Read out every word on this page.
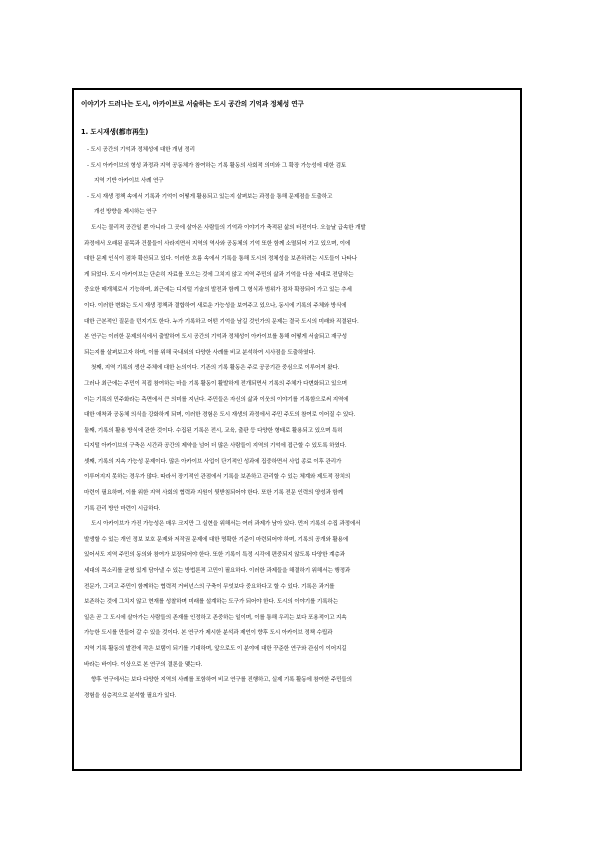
이야기가 드러나는 도시, 아카이브로 서술하는 도시 공간의 기억과 정체성 연구
1. 도시재생(都市再生)
- 도시 공간의 기억과 정체성에 대한 개념 정리
- 도시 아카이브의 형성 과정과 지역 공동체가 참여하는 기록 활동의 사회적 의미와 그 확장 가능성에 대한 검토
지역 기반 아카이브 사례 연구
- 도시 재생 정책 속에서 기록과 기억이 어떻게 활용되고 있는지 살펴보는 과정을 통해 문제점을 도출하고
개선 방향을 제시하는 연구
도시는 물리적 공간일 뿐 아니라 그 곳에 살아온 사람들의 기억과 이야기가 축적된 삶의 터전이다. 오늘날 급속한 개발
과정에서 오래된 골목과 건물들이 사라지면서 지역의 역사와 공동체의 기억 또한 함께 소멸되어 가고 있으며, 이에
대한 문제 인식이 점차 확산되고 있다. 이러한 흐름 속에서 기록을 통해 도시의 정체성을 보존하려는 시도들이 나타나
게 되었다. 도시 아카이브는 단순히 자료를 모으는 것에 그치지 않고 지역 주민의 삶과 기억을 다음 세대로 전달하는
중요한 매개체로서 기능하며, 최근에는 디지털 기술의 발전과 함께 그 형식과 범위가 점차 확장되어 가고 있는 추세
이다. 이러한 변화는 도시 재생 정책과 결합하여 새로운 가능성을 보여주고 있으나, 동시에 기록의 주체와 방식에
대한 근본적인 질문을 던지기도 한다. 누가 기록하고 어떤 기억을 남길 것인가의 문제는 결국 도시의 미래와 직결된다.
본 연구는 이러한 문제의식에서 출발하여 도시 공간의 기억과 정체성이 아카이브를 통해 어떻게 서술되고 재구성
되는지를 살펴보고자 하며, 이를 위해 국내외의 다양한 사례를 비교 분석하여 시사점을 도출하였다.
첫째, 지역 기록의 생산 주체에 대한 논의이다. 기존의 기록 활동은 주로 공공기관 중심으로 이루어져 왔다.
그러나 최근에는 주민이 직접 참여하는 마을 기록 활동이 활발하게 전개되면서 기록의 주체가 다변화되고 있으며
이는 기록의 민주화라는 측면에서 큰 의미를 지닌다. 주민들은 자신의 삶과 이웃의 이야기를 기록함으로써 지역에
대한 애착과 공동체 의식을 강화하게 되며, 이러한 경험은 도시 재생의 과정에서 주민 주도의 참여로 이어질 수 있다.
둘째, 기록의 활용 방식에 관한 것이다. 수집된 기록은 전시, 교육, 출판 등 다양한 형태로 활용되고 있으며 특히
디지털 아카이브의 구축은 시간과 공간의 제약을 넘어 더 많은 사람들이 지역의 기억에 접근할 수 있도록 하였다.
셋째, 기록의 지속 가능성 문제이다. 많은 아카이브 사업이 단기적인 성과에 집중하면서 사업 종료 이후 관리가
이루어지지 못하는 경우가 많다. 따라서 장기적인 관점에서 기록을 보존하고 관리할 수 있는 체계와 제도적 장치의
마련이 필요하며, 이를 위한 지역 사회의 협력과 지원이 뒷받침되어야 한다. 또한 기록 전문 인력의 양성과 함께
기록 관리 방안 마련이 시급하다.
도시 아카이브가 가진 가능성은 매우 크지만 그 실현을 위해서는 여러 과제가 남아 있다. 먼저 기록의 수집 과정에서
발생할 수 있는 개인 정보 보호 문제와 저작권 문제에 대한 명확한 기준이 마련되어야 하며, 기록의 공개와 활용에
있어서도 지역 주민의 동의와 참여가 보장되어야 한다. 또한 기록이 특정 시각에 편중되지 않도록 다양한 계층과
세대의 목소리를 균형 있게 담아낼 수 있는 방법론적 고민이 필요하다. 이러한 과제들을 해결하기 위해서는 행정과
전문가, 그리고 주민이 함께하는 협력적 거버넌스의 구축이 무엇보다 중요하다고 할 수 있다. 기록은 과거를
보존하는 것에 그치지 않고 현재를 성찰하며 미래를 설계하는 도구가 되어야 한다. 도시의 이야기를 기록하는
일은 곧 그 도시에 살아가는 사람들의 존재를 인정하고 존중하는 일이며, 이를 통해 우리는 보다 포용적이고 지속
가능한 도시를 만들어 갈 수 있을 것이다. 본 연구가 제시한 분석과 제언이 향후 도시 아카이브 정책 수립과
지역 기록 활동의 발전에 작은 보탬이 되기를 기대하며, 앞으로도 이 분야에 대한 꾸준한 연구와 관심이 이어지길
바라는 바이다. 이상으로 본 연구의 결론을 맺는다.
향후 연구에서는 보다 다양한 지역의 사례를 포함하여 비교 연구를 진행하고, 실제 기록 활동에 참여한 주민들의
경험을 심층적으로 분석할 필요가 있다.
